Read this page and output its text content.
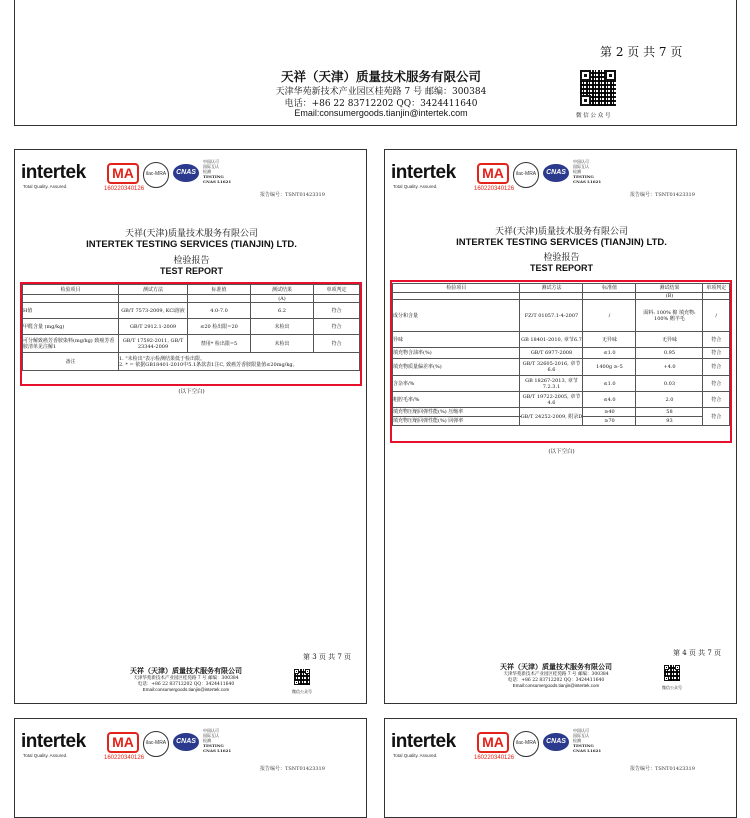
第 2 页 共 7 页
天祥（天津）质量技术服务有限公司
天津华苑新技术产业园区桂苑路 7 号 邮编：300384
电话：+86 22 83712202 QQ：3424411640
Email:consumergoods.tianjin@intertek.com	微 信 公 众 号
intertek
Total Quality. Assured.
MA
160220340126
ilac-MRA	CNAS
中国认可
国际互认
检测
TESTING
CNAS L1621
报告编号：TSNT01423319
天祥(天津)质量技术服务有限公司
INTERTEK TESTING SERVICES (TIANJIN) LTD.
检验报告
TEST REPORT
检验项目	测试方法	标准值	测试结果	单项判定
			(A)	
H值	GB/T 7573-2009, KCl溶液	4.0-7.0	6.2	符合
甲醛含量 (mg/kg)	GB/T 2912.1-2009	≤20 检出限=20	未检出	符合
可分解致癌芳香胺染料(mg/kg) 致癌芳香胺清单见注解1	GB/T 17592-2011, GB/T 23344-2009	禁用* 检出限=5	未检出	符合
备注	1. "未检出"表示检测结果低于检出限。
2. * = 依据GB18401-2010中5.1条款表1注C, 致癌芳香胺限量值≤20mg/kg。			
(以下空白)
第 3 页 共 7 页
天祥（天津）质量技术服务有限公司
天津华苑新技术产业园区桂苑路 7 号 邮编：300384
电话：+86 22 83712202 QQ：3424411640
Email:consumergoods.tianjin@intertek.com	微信公众号
intertek
Total Quality. Assured.
MA
160220340126
ilac-MRA	CNAS
中国认可
国际互认
检测
TESTING
CNAS L1621
报告编号：TSNT01423319
天祥(天津)质量技术服务有限公司
INTERTEK TESTING SERVICES (TIANJIN) LTD.
检验报告
TEST REPORT
检验项目	测试方法	标准值	测试结果	单项判定
			(B)	
成分和含量	FZ/T 01057.1-4-2007	/	面料: 100% 棉 填充物: 100% 鹅羊毛	/
异味	GB 18401-2010, 章节6.7	无异味	无异味	符合
填充物含油率(%)	GB/T 6977-2008	≤1.0	0.95	符合
填充物质量偏差率(%)	GB/T 32605-2016, 章节6.6	1400g ≥-5	+4.0	符合
含杂率/%	GB 18267-2013, 章节7.2.3.1	≤1.0	0.03	符合
粗腔毛率/%	GB/T 19722-2005, 章节4.6	≤4.0	2.0	符合
填充物压缩回弹性能(%) 压缩率	GB/T 24252-2009, 附录D	≥40	58	符合
填充物压缩回弹性能(%) 回弹率		≥70	93	
(以下空白)
第 4 页 共 7 页
天祥（天津）质量技术服务有限公司
天津华苑新技术产业园区桂苑路 7 号 邮编：300384
电话：+86 22 83712202 QQ：3424411640
Email:consumergoods.tianjin@intertek.com	微信公众号
intertek
Total Quality. Assured.
MA
160220340126
ilac-MRA	CNAS
中国认可
国际互认
检测
TESTING
CNAS L1621
报告编号：TSNT01423319
intertek
Total Quality. Assured.
MA
160220340126
ilac-MRA	CNAS
中国认可
国际互认
检测
TESTING
CNAS L1621
报告编号：TSNT01423319
